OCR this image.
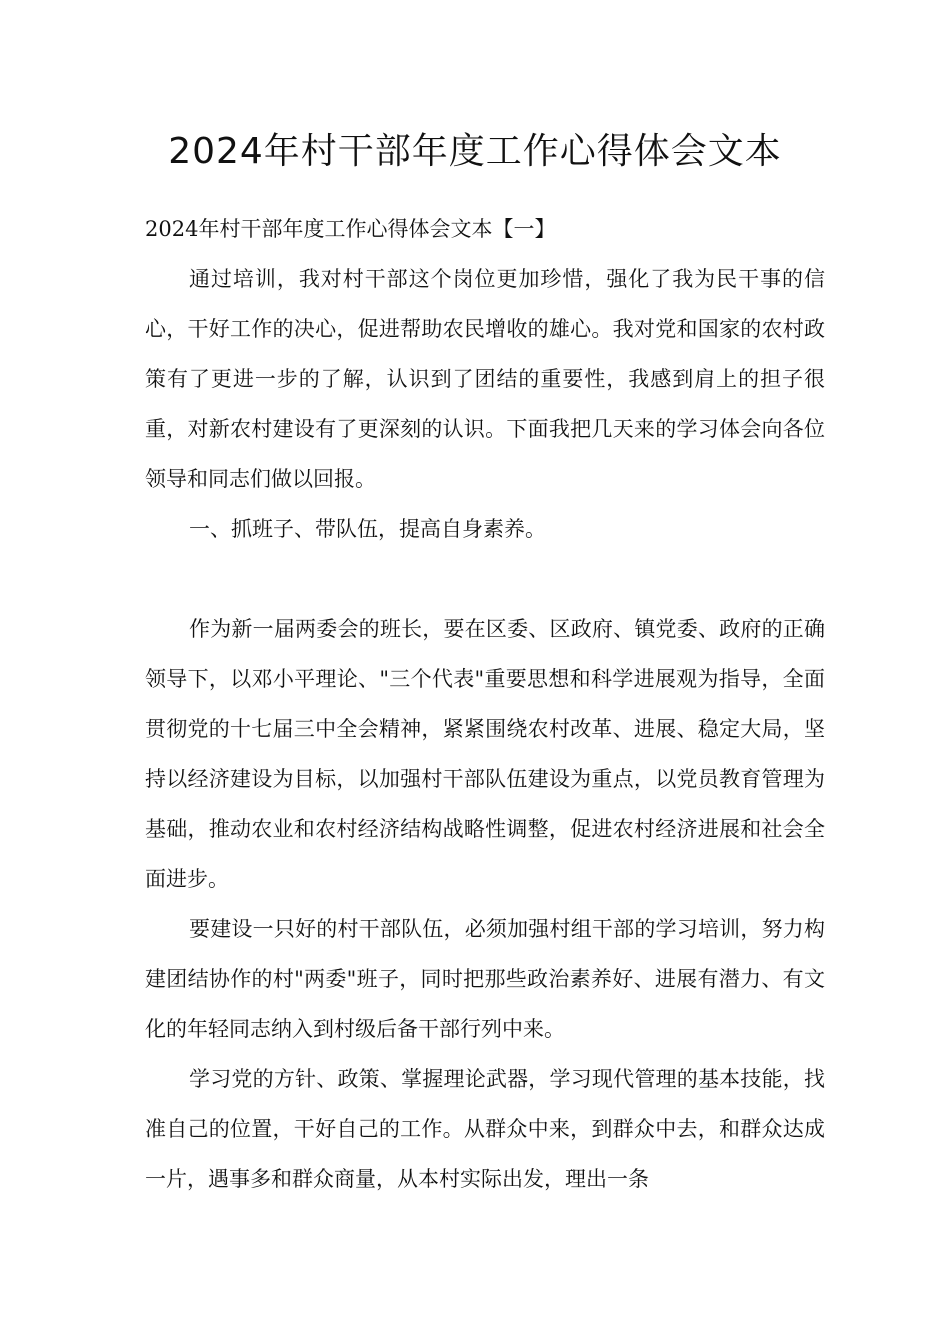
2024年村干部年度工作心得体会文本

2024年村干部年度工作心得体会文本【一】

通过培训，我对村干部这个岗位更加珍惜，强化了我为民干事的信心，干好工作的决心，促进帮助农民增收的雄心。我对党和国家的农村政策有了更进一步的了解，认识到了团结的重要性，我感到肩上的担子很重，对新农村建设有了更深刻的认识。下面我把几天来的学习体会向各位领导和同志们做以回报。

一、抓班子、带队伍，提高自身素养。

作为新一届两委会的班长，要在区委、区政府、镇党委、政府的正确领导下，以邓小平理论、"三个代表"重要思想和科学进展观为指导，全面贯彻党的十七届三中全会精神，紧紧围绕农村改革、进展、稳定大局，坚持以经济建设为目标，以加强村干部队伍建设为重点，以党员教育管理为基础，推动农业和农村经济结构战略性调整，促进农村经济进展和社会全面进步。

要建设一只好的村干部队伍，必须加强村组干部的学习培训，努力构建团结协作的村"两委"班子，同时把那些政治素养好、进展有潜力、有文化的年轻同志纳入到村级后备干部行列中来。

学习党的方针、政策、掌握理论武器，学习现代管理的基本技能，找准自己的位置，干好自己的工作。从群众中来，到群众中去，和群众达成一片，遇事多和群众商量，从本村实际出发，理出一条
